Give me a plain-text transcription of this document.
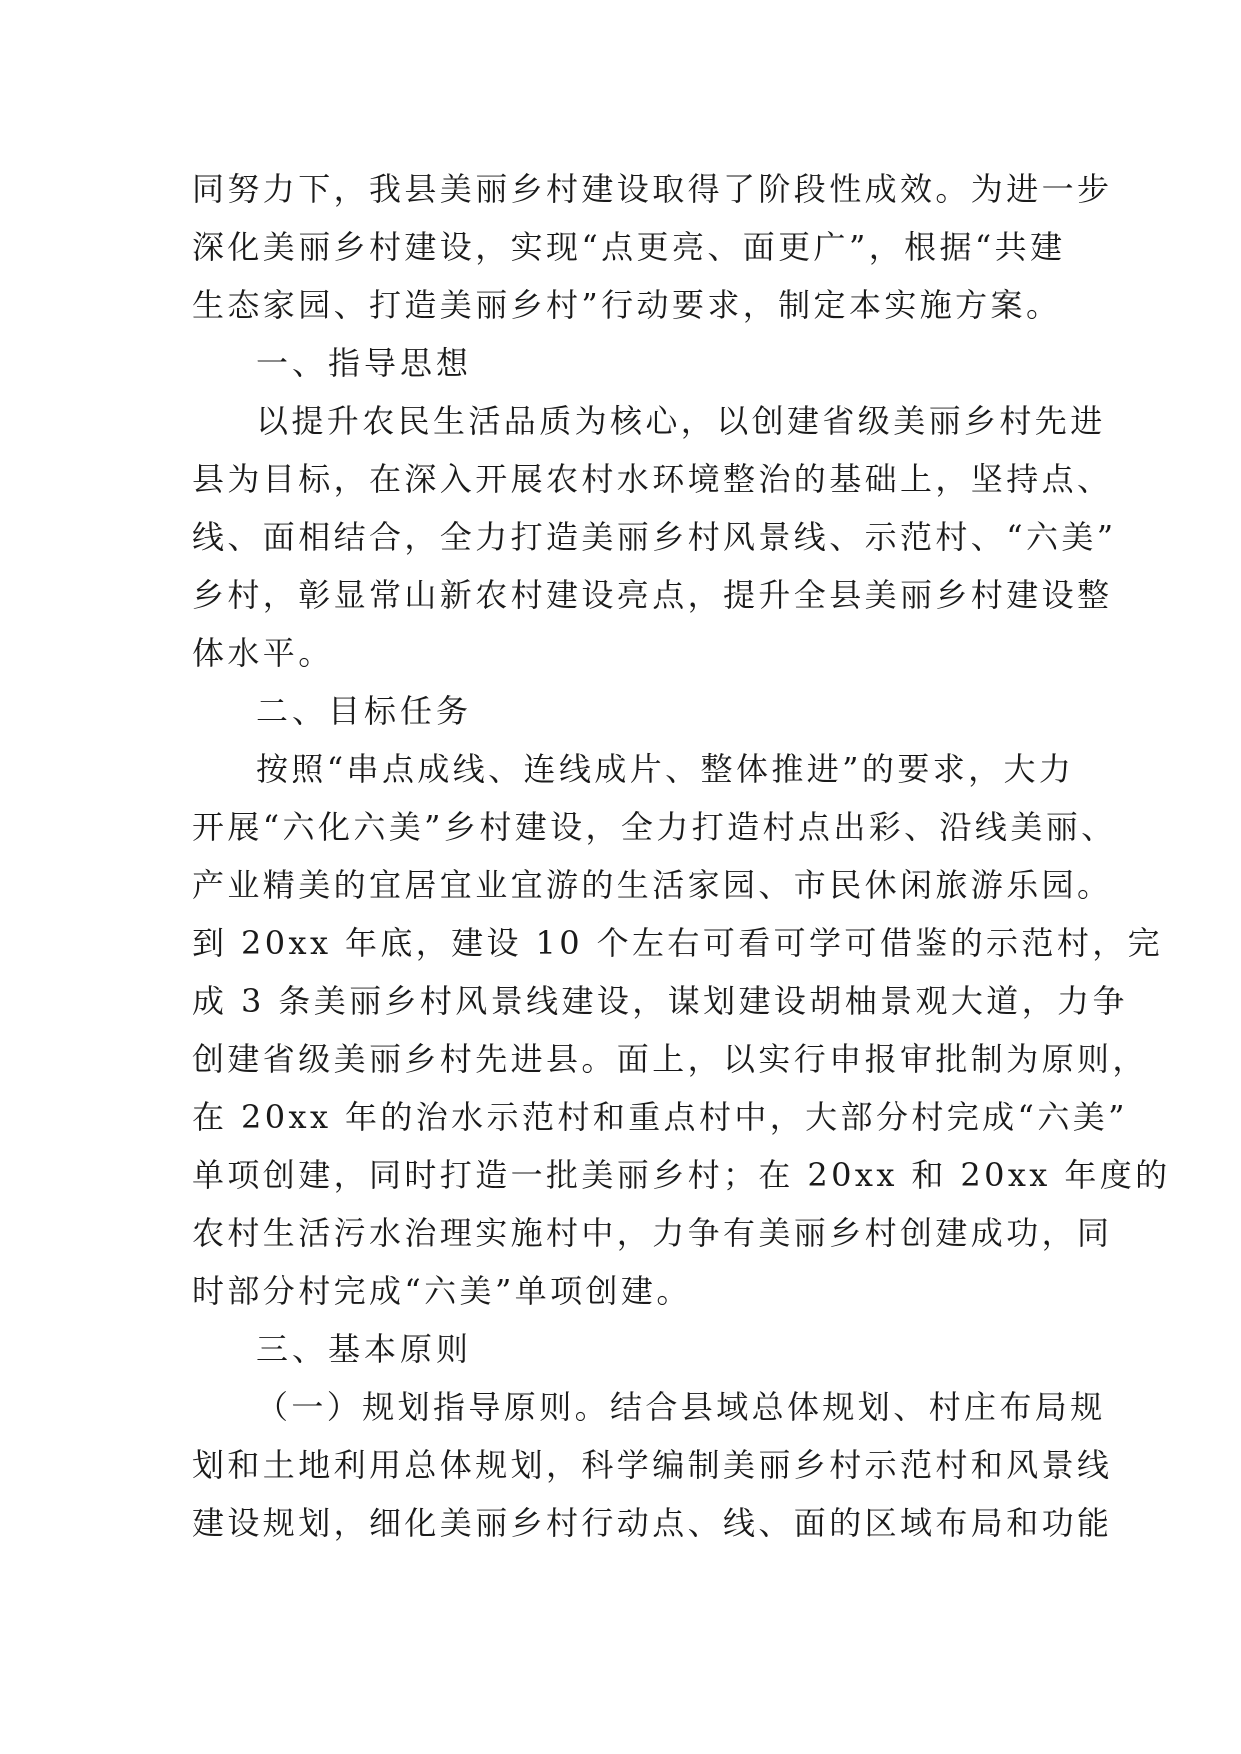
同努力下，我县美丽乡村建设取得了阶段性成效。为进一步
深化美丽乡村建设，实现“点更亮、面更广”，根据“共建
生态家园、打造美丽乡村”行动要求，制定本实施方案。
一、指导思想
以提升农民生活品质为核心，以创建省级美丽乡村先进
县为目标，在深入开展农村水环境整治的基础上，坚持点、
线、面相结合，全力打造美丽乡村风景线、示范村、“六美”
乡村，彰显常山新农村建设亮点，提升全县美丽乡村建设整
体水平。
二、目标任务
按照“串点成线、连线成片、整体推进”的要求，大力
开展“六化六美”乡村建设，全力打造村点出彩、沿线美丽、
产业精美的宜居宜业宜游的生活家园、市民休闲旅游乐园。
到 20xx 年底，建设 10 个左右可看可学可借鉴的示范村，完
成 3 条美丽乡村风景线建设，谋划建设胡柚景观大道，力争
创建省级美丽乡村先进县。面上，以实行申报审批制为原则，
在 20xx 年的治水示范村和重点村中，大部分村完成“六美”
单项创建，同时打造一批美丽乡村；在 20xx 和 20xx 年度的
农村生活污水治理实施村中，力争有美丽乡村创建成功，同
时部分村完成“六美”单项创建。
三、基本原则
（一）规划指导原则。结合县域总体规划、村庄布局规
划和土地利用总体规划，科学编制美丽乡村示范村和风景线
建设规划，细化美丽乡村行动点、线、面的区域布局和功能
